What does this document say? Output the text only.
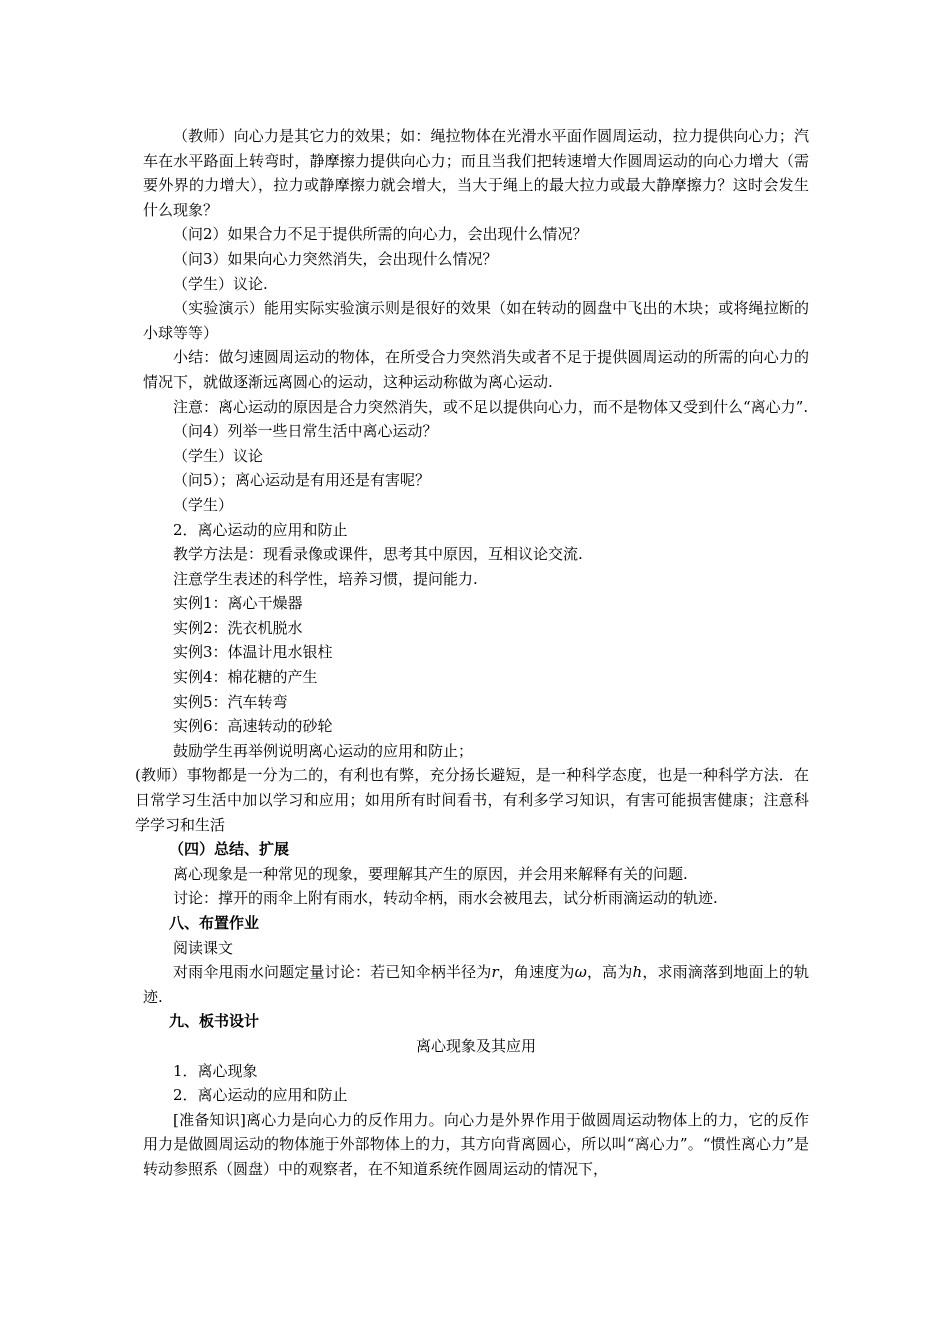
（教师）向心力是其它力的效果；如：绳拉物体在光滑水平面作圆周运动，拉力提供向心力；汽车在水平路面上转弯时，静摩擦力提供向心力；而且当我们把转速增大作圆周运动的向心力增大（需要外界的力增大），拉力或静摩擦力就会增大，当大于绳上的最大拉力或最大静摩擦力？这时会发生什么现象？

（问2）如果合力不足于提供所需的向心力，会出现什么情况？

（问3）如果向心力突然消失，会出现什么情况？

（学生）议论.

（实验演示）能用实际实验演示则是很好的效果（如在转动的圆盘中飞出的木块；或将绳拉断的小球等等）

小结：做匀速圆周运动的物体，在所受合力突然消失或者不足于提供圆周运动的所需的向心力的情况下，就做逐渐远离圆心的运动，这种运动称做为离心运动.

注意：离心运动的原因是合力突然消失，或不足以提供向心力，而不是物体又受到什么“离心力”.

（问4）列举一些日常生活中离心运动？

（学生）议论

（问5）；离心运动是有用还是有害呢？

（学生）

2．离心运动的应用和防止

教学方法是：现看录像或课件，思考其中原因，互相议论交流.

注意学生表述的科学性，培养习惯，提问能力.

实例1：离心干燥器

实例2：洗衣机脱水

实例3：体温计甩水银柱

实例4：棉花糖的产生

实例5：汽车转弯

实例6：高速转动的砂轮

鼓励学生再举例说明离心运动的应用和防止；

(教师）事物都是一分为二的，有利也有弊，充分扬长避短，是一种科学态度，也是一种科学方法．在日常学习生活中加以学习和应用；如用所有时间看书，有利多学习知识，有害可能损害健康；注意科学学习和生活

（四）总结、扩展

离心现象是一种常见的现象，要理解其产生的原因，并会用来解释有关的问题.

讨论：撑开的雨伞上附有雨水，转动伞柄，雨水会被甩去，试分析雨滴运动的轨迹.

八、布置作业

阅读课文

对雨伞甩雨水问题定量讨论：若已知伞柄半径为r，角速度为ω，高为h，求雨滴落到地面上的轨迹.

九、板书设计

离心现象及其应用

1．离心现象

2．离心运动的应用和防止

[准备知识]离心力是向心力的反作用力。向心力是外界作用于做圆周运动物体上的力，它的反作用力是做圆周运动的物体施于外部物体上的力，其方向背离圆心，所以叫“离心力”。“惯性离心力”是转动参照系（圆盘）中的观察者，在不知道系统作圆周运动的情况下，
